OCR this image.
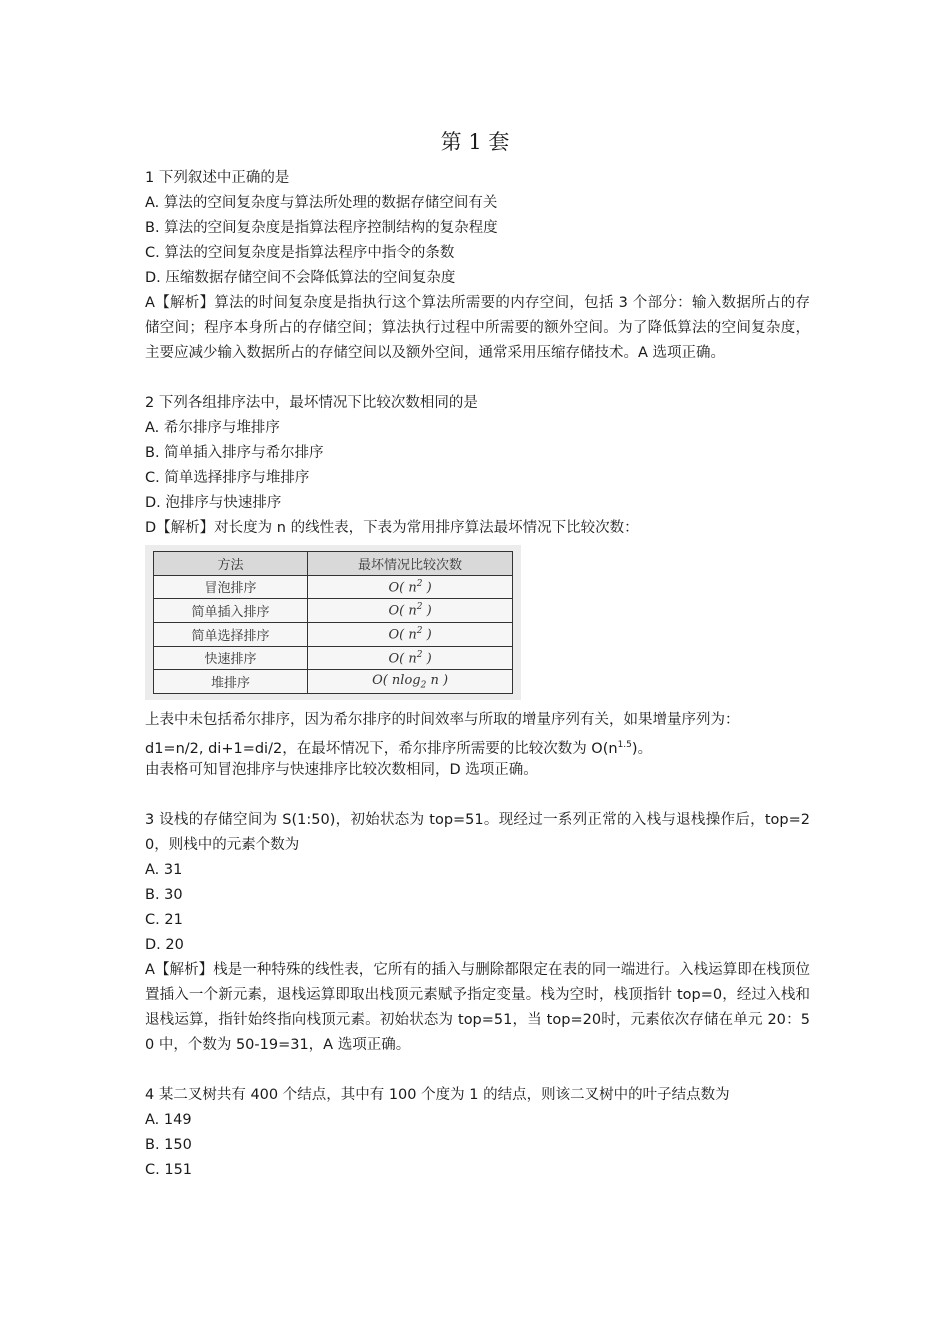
第 1 套
1 下列叙述中正确的是
A. 算法的空间复杂度与算法所处理的数据存储空间有关
B. 算法的空间复杂度是指算法程序控制结构的复杂程度
C. 算法的空间复杂度是指算法程序中指令的条数
D. 压缩数据存储空间不会降低算法的空间复杂度
A【解析】算法的时间复杂度是指执行这个算法所需要的内存空间，包括 3 个部分：输入数据所占的存储空间；程序本身所占的存储空间；算法执行过程中所需要的额外空间。为了降低算法的空间复杂度，主要应减少输入数据所占的存储空间以及额外空间，通常采用压缩存储技术。A 选项正确。
2 下列各组排序法中，最坏情况下比较次数相同的是
A. 希尔排序与堆排序
B. 简单插入排序与希尔排序
C. 简单选择排序与堆排序
D. 泡排序与快速排序
D【解析】对长度为 n 的线性表，下表为常用排序算法最坏情况下比较次数：
方法	最坏情况比较次数
冒泡排序	O( $n^2$ )
简单插入排序	O( $n^2$ )
简单选择排序	O( $n^2$ )
快速排序	O( $n^2$ )
堆排序	O( nlog$_2$ n )
上表中未包括希尔排序，因为希尔排序的时间效率与所取的增量序列有关，如果增量序列为：
d1=n/2, di+1=di/2，在最坏情况下，希尔排序所需要的比较次数为 $O(n^{1.5})$。
由表格可知冒泡排序与快速排序比较次数相同，D 选项正确。
3 设栈的存储空间为 S(1:50)，初始状态为 top=51。现经过一系列正常的入栈与退栈操作后，top=20，则栈中的元素个数为
A. 31
B. 30
C. 21
D. 20
A【解析】栈是一种特殊的线性表，它所有的插入与删除都限定在表的同一端进行。入栈运算即在栈顶位置插入一个新元素，退栈运算即取出栈顶元素赋予指定变量。栈为空时，栈顶指针 top=0，经过入栈和退栈运算，指针始终指向栈顶元素。初始状态为 top=51，当 top=20时，元素依次存储在单元 20：50 中，个数为 50-19=31，A 选项正确。
4 某二叉树共有 400 个结点，其中有 100 个度为 1 的结点，则该二叉树中的叶子结点数为
A. 149
B. 150
C. 151
